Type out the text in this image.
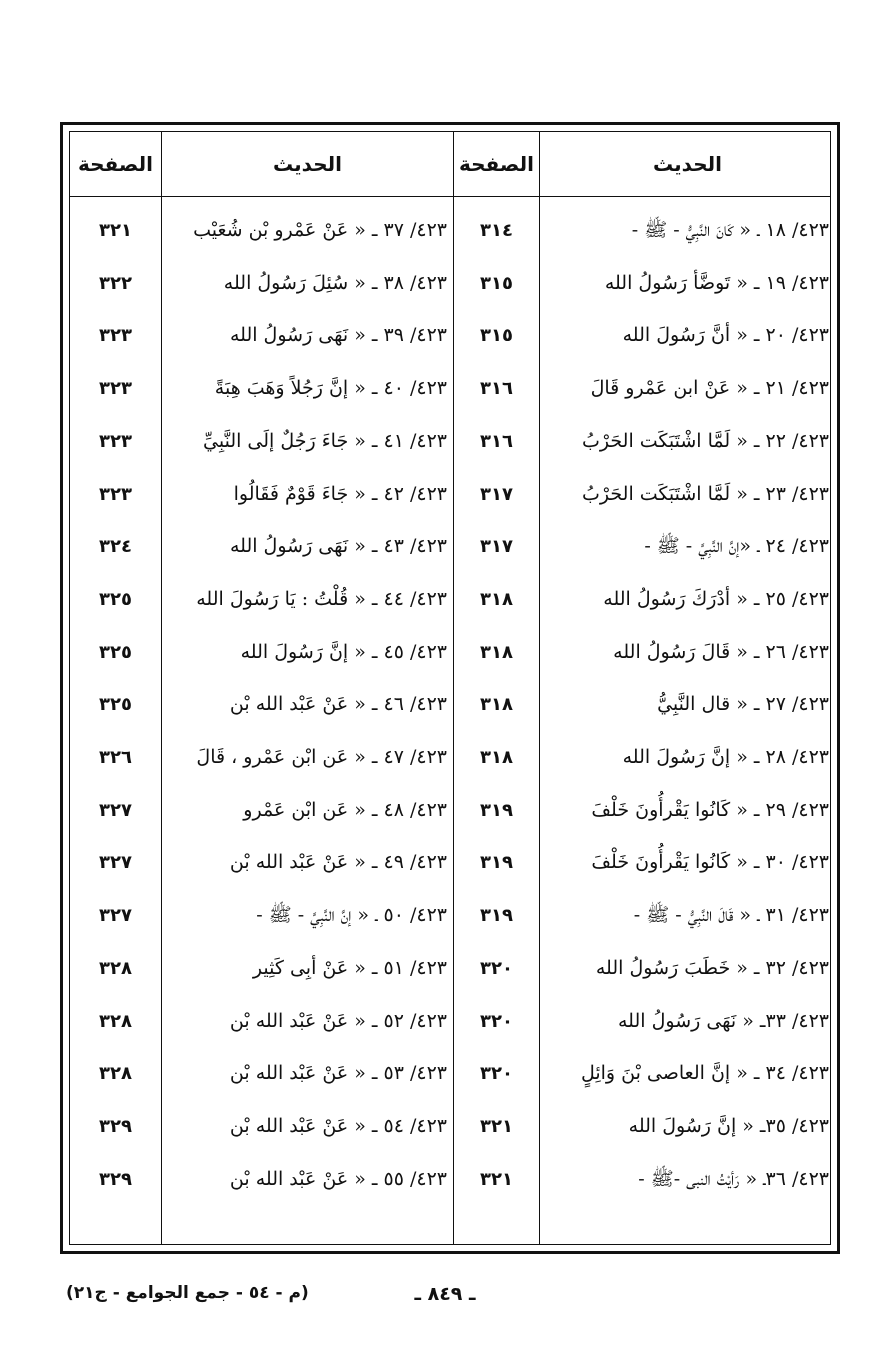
الحديث
الصفحة
الحديث
الصفحة
٤٢٣/ ١٨ ـ « كَانَ النَّبِيُّ - ﷺ -
٣١٤
٤٢٣/ ٣٧ ـ « عَنْ عَمْرو بْن شُعَيْب
٣٢١
٤٢٣/ ١٩ ـ « تَوضَّأ رَسُولُ الله
٣١٥
٤٢٣/ ٣٨ ـ « سُئِلَ رَسُولُ الله
٣٢٢
٤٢٣/ ٢٠ ـ « أنَّ رَسُولَ الله
٣١٥
٤٢٣/ ٣٩ ـ « نَهَى رَسُولُ الله
٣٢٣
٤٢٣/ ٢١ ـ « عَنْ ابن عَمْرو قَالَ
٣١٦
٤٢٣/ ٤٠ ـ « إنَّ رَجُلاً وَهَبَ هِبَةً
٣٢٣
٤٢٣/ ٢٢ ـ « لَمَّا اشْتَبَكَت الحَرْبُ
٣١٦
٤٢٣/ ٤١ ـ « جَاءَ رَجُلٌ إلَى النَّبِيِّ
٣٢٣
٤٢٣/ ٢٣ ـ « لَمَّا اشْتَبَكَت الحَرْبُ
٣١٧
٤٢٣/ ٤٢ ـ « جَاءَ قَوْمٌ فَقَالُوا
٣٢٣
٤٢٣/ ٢٤ ـ «إنَّ النَّبِيَّ - ﷺ -
٣١٧
٤٢٣/ ٤٣ ـ « نَهَى رَسُولُ الله
٣٢٤
٤٢٣/ ٢٥ ـ « أدْرَكَ رَسُولُ الله
٣١٨
٤٢٣/ ٤٤ ـ « قُلْتُ : يَا رَسُولَ الله
٣٢٥
٤٢٣/ ٢٦ ـ « قَالَ رَسُولُ الله
٣١٨
٤٢٣/ ٤٥ ـ « إنَّ رَسُولَ الله
٣٢٥
٤٢٣/ ٢٧ ـ « قال النَّبِيُّ
٣١٨
٤٢٣/ ٤٦ ـ « عَنْ عَبْد الله بْن
٣٢٥
٤٢٣/ ٢٨ ـ « إنَّ رَسُولَ الله
٣١٨
٤٢٣/ ٤٧ ـ « عَن ابْن عَمْرو ، قَالَ
٣٢٦
٤٢٣/ ٢٩ ـ « كَانُوا يَقْرأُونَ خَلْفَ
٣١٩
٤٢٣/ ٤٨ ـ « عَن ابْن عَمْرو
٣٢٧
٤٢٣/ ٣٠ ـ « كَانُوا يَقْرأُونَ خَلْفَ
٣١٩
٤٢٣/ ٤٩ ـ « عَنْ عَبْد الله بْن
٣٢٧
٤٢٣/ ٣١ ـ « قَالَ النَّبِيُّ - ﷺ -
٣١٩
٤٢٣/ ٥٠ ـ « إنَّ النَّبِيَّ - ﷺ -
٣٢٧
٤٢٣/ ٣٢ ـ « خَطَبَ رَسُولُ الله
٣٢٠
٤٢٣/ ٥١ ـ « عَنْ أبِى كَثِير
٣٢٨
٤٢٣/ ٣٣ـ « نَهَى رَسُولُ الله
٣٢٠
٤٢٣/ ٥٢ ـ « عَنْ عَبْد الله بْن
٣٢٨
٤٢٣/ ٣٤ ـ « إنَّ العاصى بْنَ وَائِلٍ
٣٢٠
٤٢٣/ ٥٣ ـ « عَنْ عَبْد الله بْن
٣٢٨
٤٢٣/ ٣٥ـ « إنَّ رَسُولَ الله
٣٢١
٤٢٣/ ٥٤ ـ « عَنْ عَبْد الله بْن
٣٢٩
٤٢٣/ ٣٦ـ « رَأيْتُ النبى -ﷺ -
٣٢١
٤٢٣/ ٥٥ ـ « عَنْ عَبْد الله بْن
٣٢٩
ـ ٨٤٩ ـ
(م - ٥٤ - جمع الجوامع - ج٢١)
